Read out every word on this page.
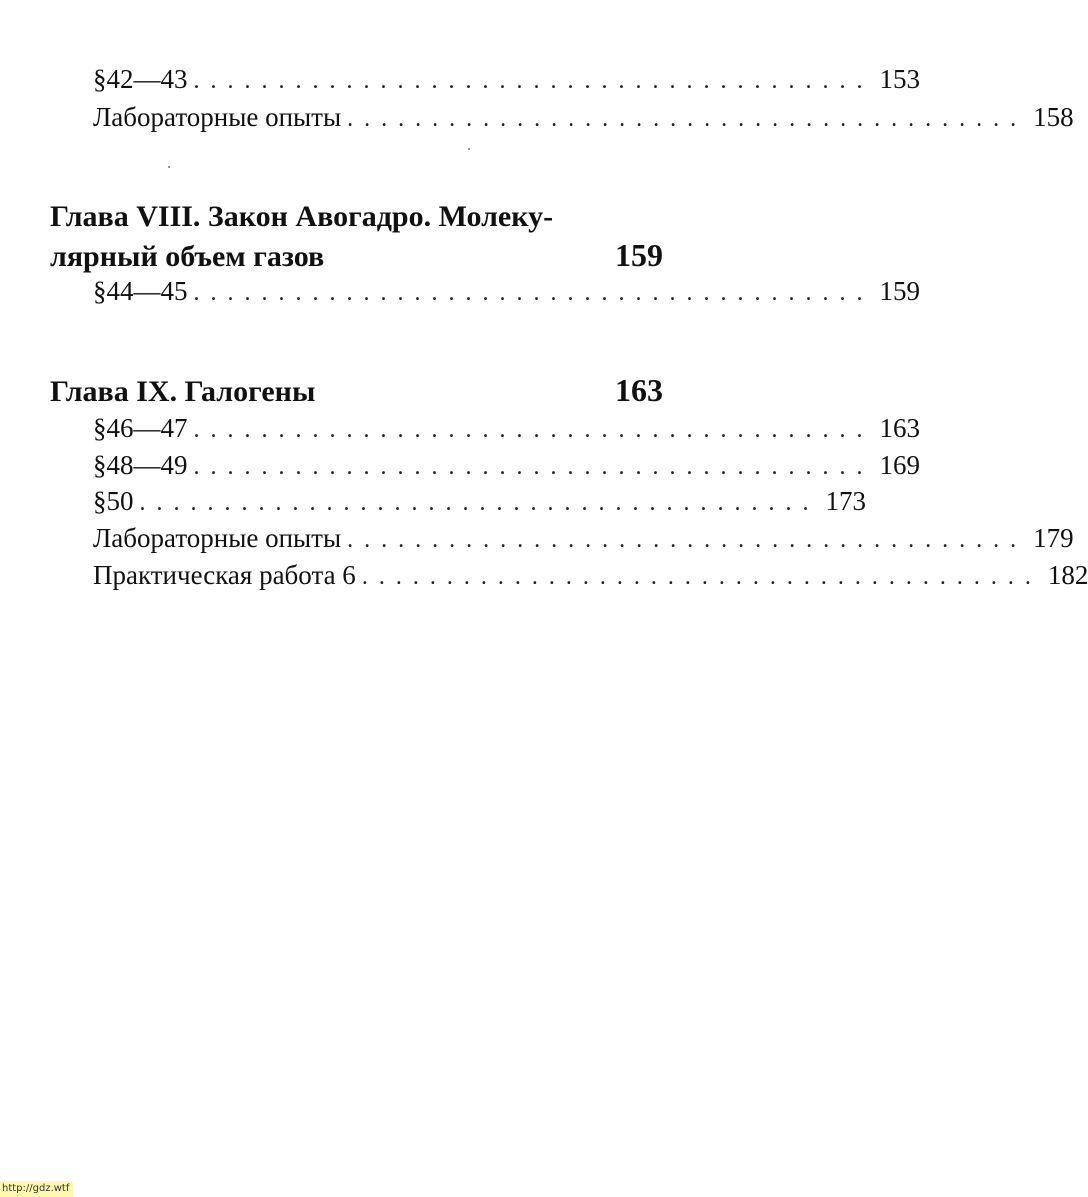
§42—43 ........................................ 153
Лабораторные опыты ........................................ 158
Глава VIII. Закон Авогадро. Молеку-
лярный объем газов	159
§44—45 ........................................ 159
Глава IX. Галогены	163
§46—47 ........................................ 163
§48—49 ........................................ 169
§50 ........................................ 173
Лабораторные опыты ........................................ 179
Практическая работа 6 ........................................ 182
http://gdz.wtf
